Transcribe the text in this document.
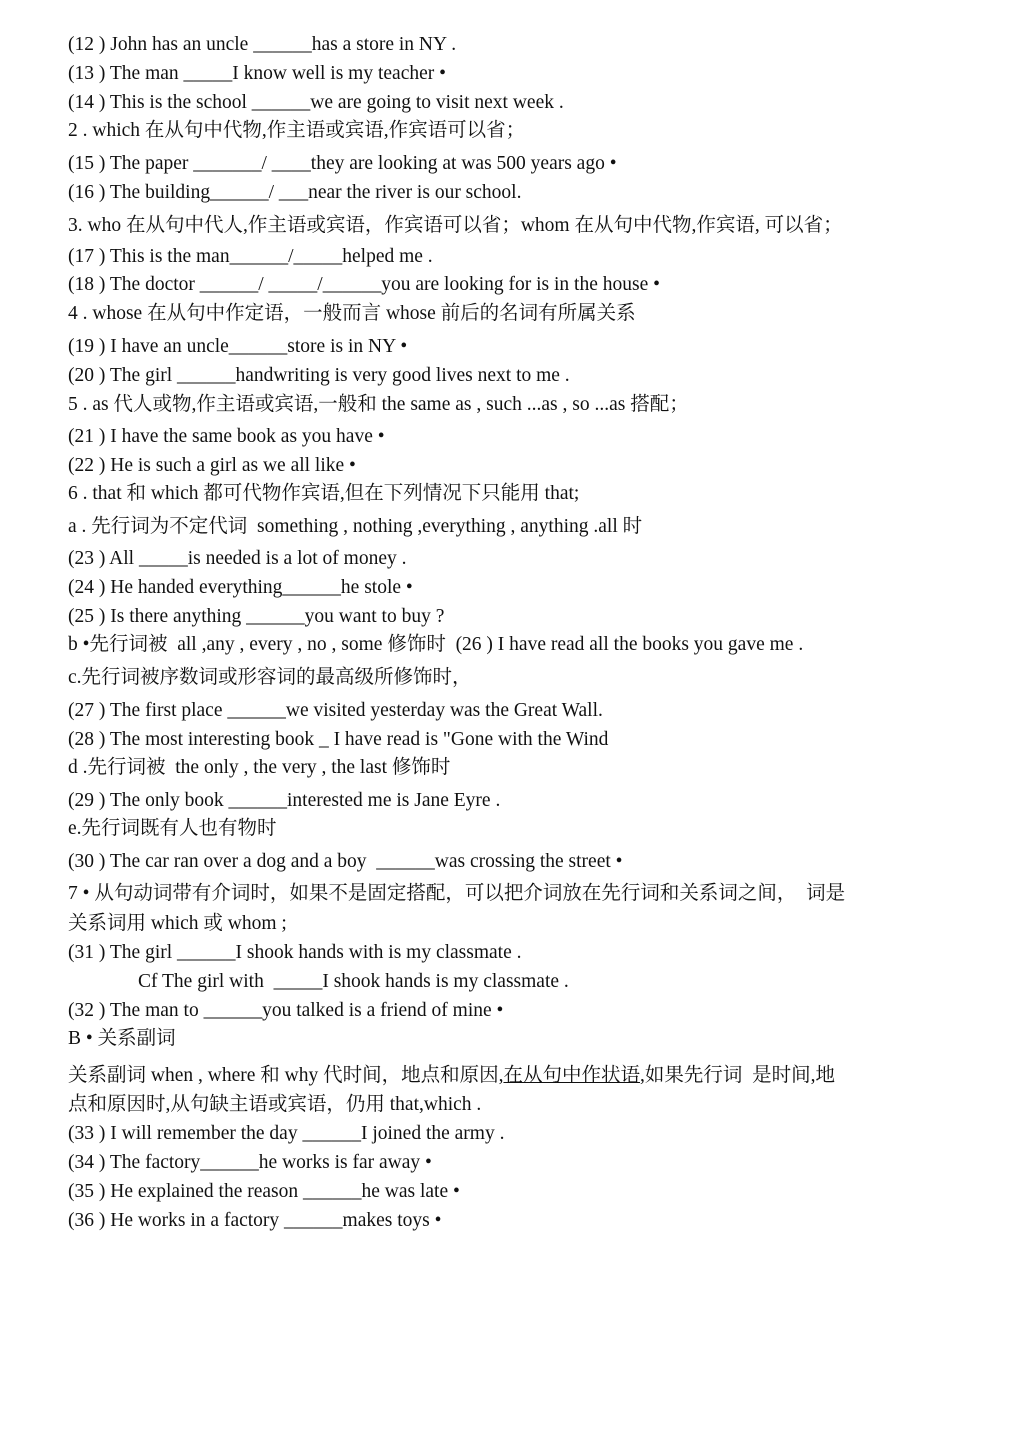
(12 ) John has an uncle ______has a store in NY .

(13 ) The man _____I know well is my teacher •

(14 ) This is the school ______we are going to visit next week .

2 . which 在从句中代物,作主语或宾语,作宾语可以省；

(15 ) The paper _______/ ____they are looking at was 500 years ago •

(16 ) The building______/ ___near the river is our school.

3. who 在从句中代人,作主语或宾语，作宾语可以省；whom 在从句中代物,作宾语, 可以省；

(17 ) This is the man______/_____helped me .

(18 ) The doctor ______/ _____/______you are looking for is in the house •

4 . whose 在从句中作定语，一般而言 whose 前后的名词有所属关系

(19 ) I have an uncle______store is in NY •

(20 ) The girl ______handwriting is very good lives next to me .

5 . as 代人或物,作主语或宾语,一般和 the same as , such ...as , so ...as 搭配；

(21 ) I have the same book as you have •

(22 ) He is such a girl as we all like •

6 . that 和 which 都可代物作宾语,但在下列情况下只能用 that;

a . 先行词为不定代词  something , nothing ,everything , anything .all 时

(23 ) All _____is needed is a lot of money .

(24 ) He handed everything______he stole •

(25 ) Is there anything ______you want to buy ?

b •先行词被  all ,any , every , no , some 修饰时  (26 ) I have read all the books you gave me .

c.先行词被序数词或形容词的最高级所修饰时，

(27 ) The first place ______we visited yesterday was the Great Wall.

(28 ) The most interesting book _ I have read is "Gone with the Wind

d .先行词被  the only , the very , the last 修饰时

(29 ) The only book ______interested me is Jane Eyre .

e.先行词既有人也有物时

(30 ) The car ran over a dog and a boy  ______was crossing the street •

7 • 从句动词带有介词时，如果不是固定搭配，可以把介词放在先行词和关系词之间，  词是

关系词用 which 或 whom ;

(31 ) The girl ______I shook hands with is my classmate .

Cf The girl with  _____I shook hands is my classmate .

(32 ) The man to ______you talked is a friend of mine •

B • 关系副词

关系副词 when , where 和 why 代时间，地点和原因,在从句中作状语,如果先行词  是时间,地

点和原因时,从句缺主语或宾语，仍用 that,which .

(33 ) I will remember the day ______I joined the army .

(34 ) The factory______he works is far away •

(35 ) He explained the reason ______he was late •

(36 ) He works in a factory ______makes toys •
